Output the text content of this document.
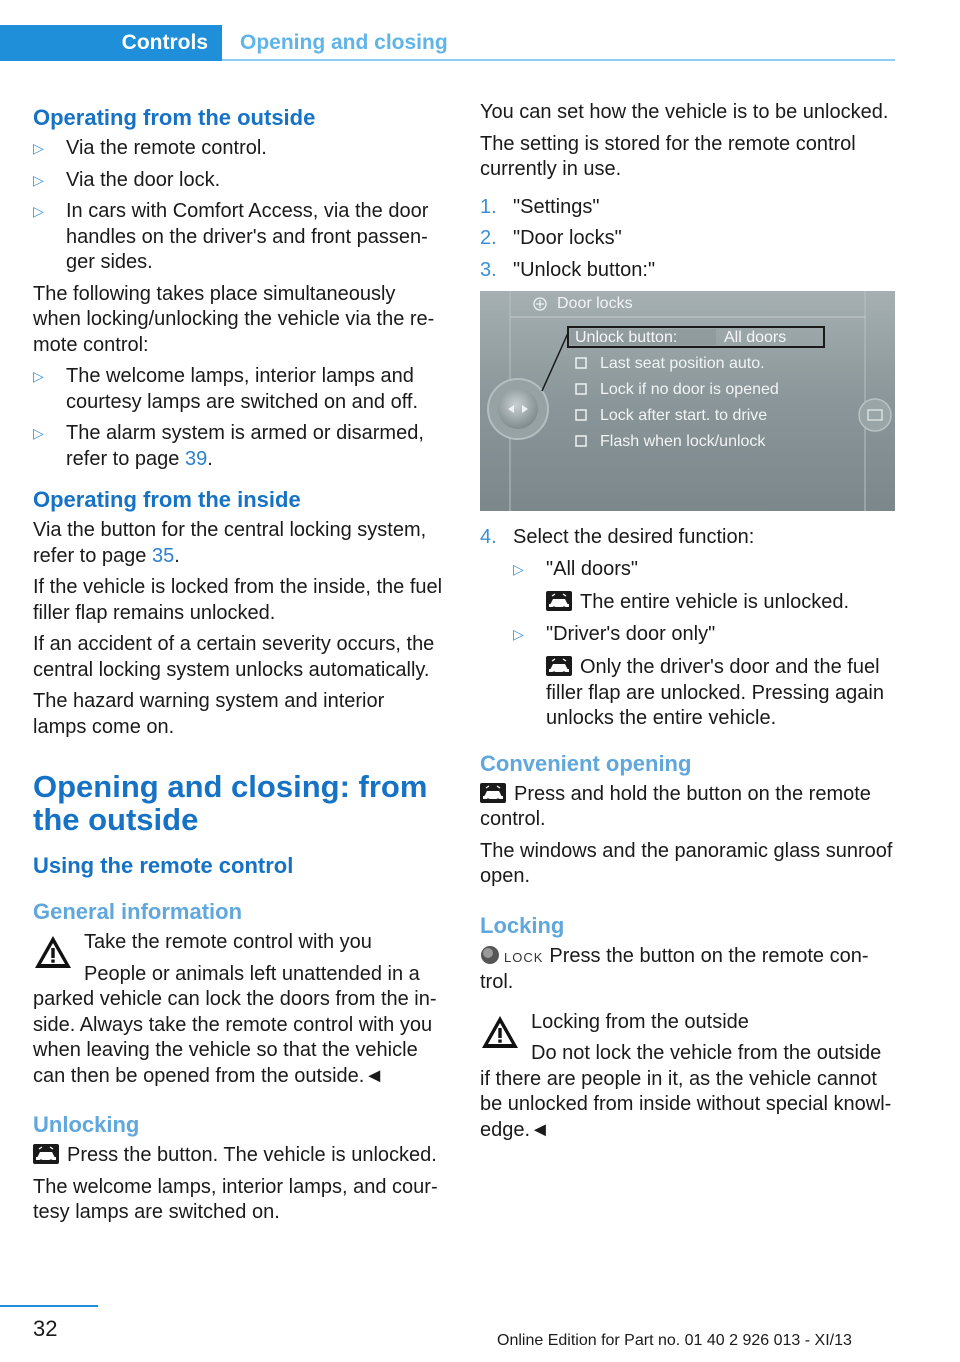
Controls	Opening and closing
Operating from the outside
▷ Via the remote control.
▷ Via the door lock.
▷ In cars with Comfort Access, via the door handles on the driver's and front passen-ger sides.

The following takes place simultaneously when locking/unlocking the vehicle via the re-mote control:

▷ The welcome lamps, interior lamps and courtesy lamps are switched on and off.
▷ The alarm system is armed or disarmed, refer to page 39.
Operating from the inside

Via the button for the central locking system, refer to page 35.

If the vehicle is locked from the inside, the fuel filler flap remains unlocked.

If an accident of a certain severity occurs, the central locking system unlocks automatically.

The hazard warning system and interior lamps come on.

Opening and closing: from the outside
Using the remote control
General information

Take the remote control with you

People or animals left unattended in a
parked vehicle can lock the doors from the in-side. Always take the remote control with you when leaving the vehicle so that the vehicle can then be opened from the outside.◄

Unlocking

Press the button. The vehicle is unlocked.

The welcome lamps, interior lamps, and cour-tesy lamps are switched on.

You can set how the vehicle is to be unlocked.

The setting is stored for the remote control currently in use.

1. "Settings"
2. "Door locks"
3. "Unlock button:"
Door locks
Unlock button:	All doors
Last seat position auto.
Lock if no door is opened
Lock after start. to drive
Flash when lock/unlock
4. Select the desired function:
▷ "All doors"
The entire vehicle is unlocked.
▷ "Driver's door only"
Only the driver's door and the fuel filler flap are unlocked. Pressing again unlocks the entire vehicle.
Convenient opening

Press and hold the button on the remote control.

The windows and the panoramic glass sunroof open.

Locking

LOCK Press the button on the remote con-trol.

Locking from the outside

Do not lock the vehicle from the outside
if there are people in it, as the vehicle cannot be unlocked from inside without special knowl-edge.◄

32	Online Edition for Part no. 01 40 2 926 013 - XI/13
